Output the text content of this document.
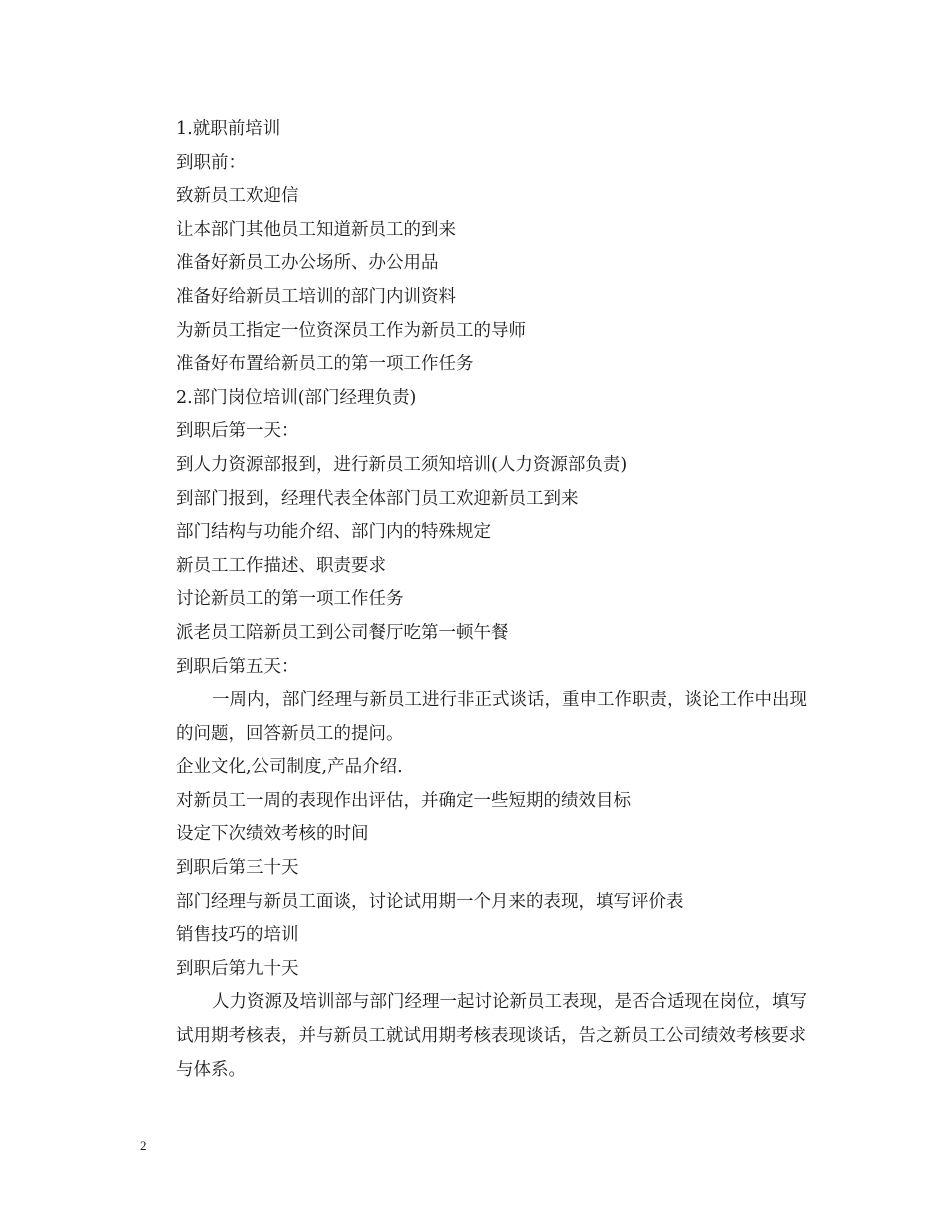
1.就职前培训
到职前：
致新员工欢迎信
让本部门其他员工知道新员工的到来
准备好新员工办公场所、办公用品
准备好给新员工培训的部门内训资料
为新员工指定一位资深员工作为新员工的导师
准备好布置给新员工的第一项工作任务
2.部门岗位培训(部门经理负责)
到职后第一天：
到人力资源部报到，进行新员工须知培训(人力资源部负责)
到部门报到，经理代表全体部门员工欢迎新员工到来
部门结构与功能介绍、部门内的特殊规定
新员工工作描述、职责要求
讨论新员工的第一项工作任务
派老员工陪新员工到公司餐厅吃第一顿午餐
到职后第五天：
一周内，部门经理与新员工进行非正式谈话，重申工作职责，谈论工作中出现
的问题，回答新员工的提问。
企业文化,公司制度,产品介绍.
对新员工一周的表现作出评估，并确定一些短期的绩效目标
设定下次绩效考核的时间
到职后第三十天
部门经理与新员工面谈，讨论试用期一个月来的表现，填写评价表
销售技巧的培训
到职后第九十天
人力资源及培训部与部门经理一起讨论新员工表现，是否合适现在岗位，填写
试用期考核表，并与新员工就试用期考核表现谈话，告之新员工公司绩效考核要求
与体系。
2
